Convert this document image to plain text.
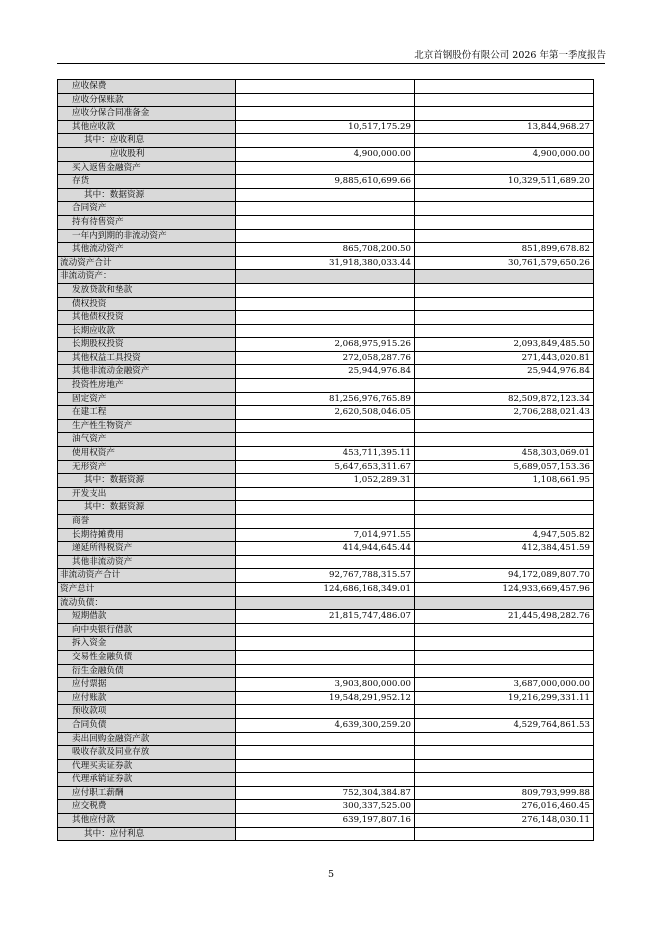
北京首钢股份有限公司 2026 年第一季度报告
应收保费		
应收分保账款		
应收分保合同准备金		
其他应收款	10,517,175.29	13,844,968.27
其中：应收利息		
应收股利	4,900,000.00	4,900,000.00
买入返售金融资产		
存货	9,885,610,699.66	10,329,511,689.20
其中：数据资源		
合同资产		
持有待售资产		
一年内到期的非流动资产		
其他流动资产	865,708,200.50	851,899,678.82
流动资产合计	31,918,380,033.44	30,761,579,650.26
非流动资产：		
发放贷款和垫款		
债权投资		
其他债权投资		
长期应收款		
长期股权投资	2,068,975,915.26	2,093,849,485.50
其他权益工具投资	272,058,287.76	271,443,020.81
其他非流动金融资产	25,944,976.84	25,944,976.84
投资性房地产		
固定资产	81,256,976,765.89	82,509,872,123.34
在建工程	2,620,508,046.05	2,706,288,021.43
生产性生物资产		
油气资产		
使用权资产	453,711,395.11	458,303,069.01
无形资产	5,647,653,311.67	5,689,057,153.36
其中：数据资源	1,052,289.31	1,108,661.95
开发支出		
其中：数据资源		
商誉		
长期待摊费用	7,014,971.55	4,947,505.82
递延所得税资产	414,944,645.44	412,384,451.59
其他非流动资产		
非流动资产合计	92,767,788,315.57	94,172,089,807.70
资产总计	124,686,168,349.01	124,933,669,457.96
流动负债：		
短期借款	21,815,747,486.07	21,445,498,282.76
向中央银行借款		
拆入资金		
交易性金融负债		
衍生金融负债		
应付票据	3,903,800,000.00	3,687,000,000.00
应付账款	19,548,291,952.12	19,216,299,331.11
预收款项		
合同负债	4,639,300,259.20	4,529,764,861.53
卖出回购金融资产款		
吸收存款及同业存放		
代理买卖证券款		
代理承销证券款		
应付职工薪酬	752,304,384.87	809,793,999.88
应交税费	300,337,525.00	276,016,460.45
其他应付款	639,197,807.16	276,148,030.11
其中：应付利息		
5
